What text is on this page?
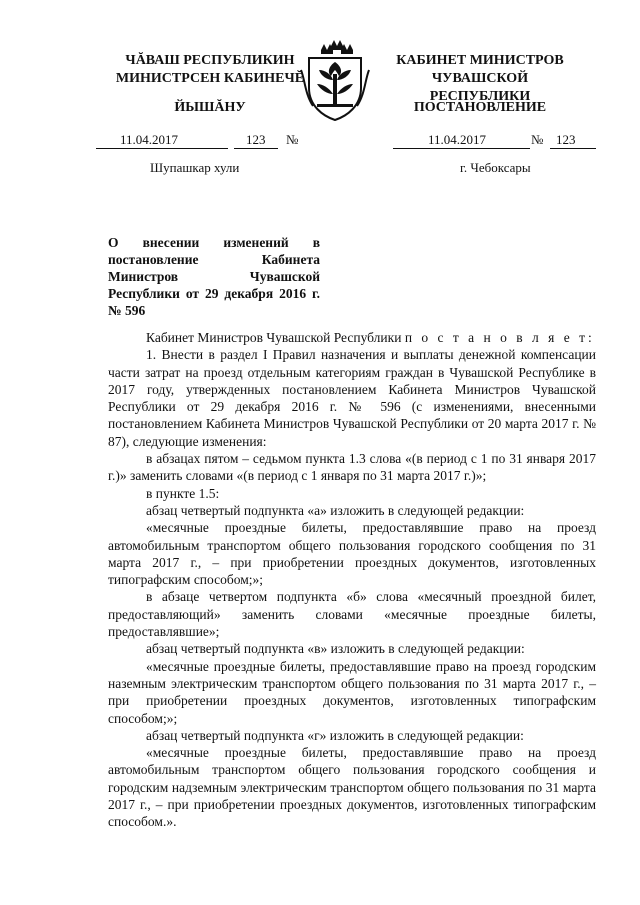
ЧĂВАШ РЕСПУБЛИКИН
МИНИСТРСЕН КАБИНЕЧĔ
ЙЫШĂНУ
КАБИНЕТ МИНИСТРОВ
ЧУВАШСКОЙ РЕСПУБЛИКИ
ПОСТАНОВЛЕНИЕ
11.04.2017	123 №	11.04.2017	№ 123
Шупашкар хули	г. Чебоксары
О внесении изменений в постановление Кабинета Министров Чувашской Республики от 29 декабря 2016 г. № 596

Кабинет Министров Чувашской Республики п о с т а н о в л я е т:

1. Внести в раздел I Правил назначения и выплаты денежной компенсации части затрат на проезд отдельным категориям граждан в Чувашской Республике в 2017 году, утвержденных постановлением Кабинета Министров Чувашской Республики от 29 декабря 2016 г. № 596 (с изменениями, внесенными постановлением Кабинета Министров Чувашской Республики от 20 марта 2017 г. № 87), следующие изменения:

в абзацах пятом – седьмом пункта 1.3 слова «(в период с 1 по 31 января 2017 г.)» заменить словами «(в период с 1 января по 31 марта 2017 г.)»;

в пункте 1.5:

абзац четвертый подпункта «а» изложить в следующей редакции:

«месячные проездные билеты, предоставлявшие право на проезд автомобильным транспортом общего пользования городского сообщения по 31 марта 2017 г., – при приобретении проездных документов, изготовленных типографским способом;»;

в абзаце четвертом подпункта «б» слова «месячный проездной билет, предоставляющий» заменить словами «месячные проездные билеты, предоставлявшие»;

абзац четвертый подпункта «в» изложить в следующей редакции:

«месячные проездные билеты, предоставлявшие право на проезд городским наземным электрическим транспортом общего пользования по 31 марта 2017 г., – при приобретении проездных документов, изготовленных типографским способом;»;

абзац четвертый подпункта «г» изложить в следующей редакции:

«месячные проездные билеты, предоставлявшие право на проезд автомобильным транспортом общего пользования городского сообщения и городским надземным электрическим транспортом общего пользования по 31 марта 2017 г., – при приобретении проездных документов, изготовленных типографским способом.».
